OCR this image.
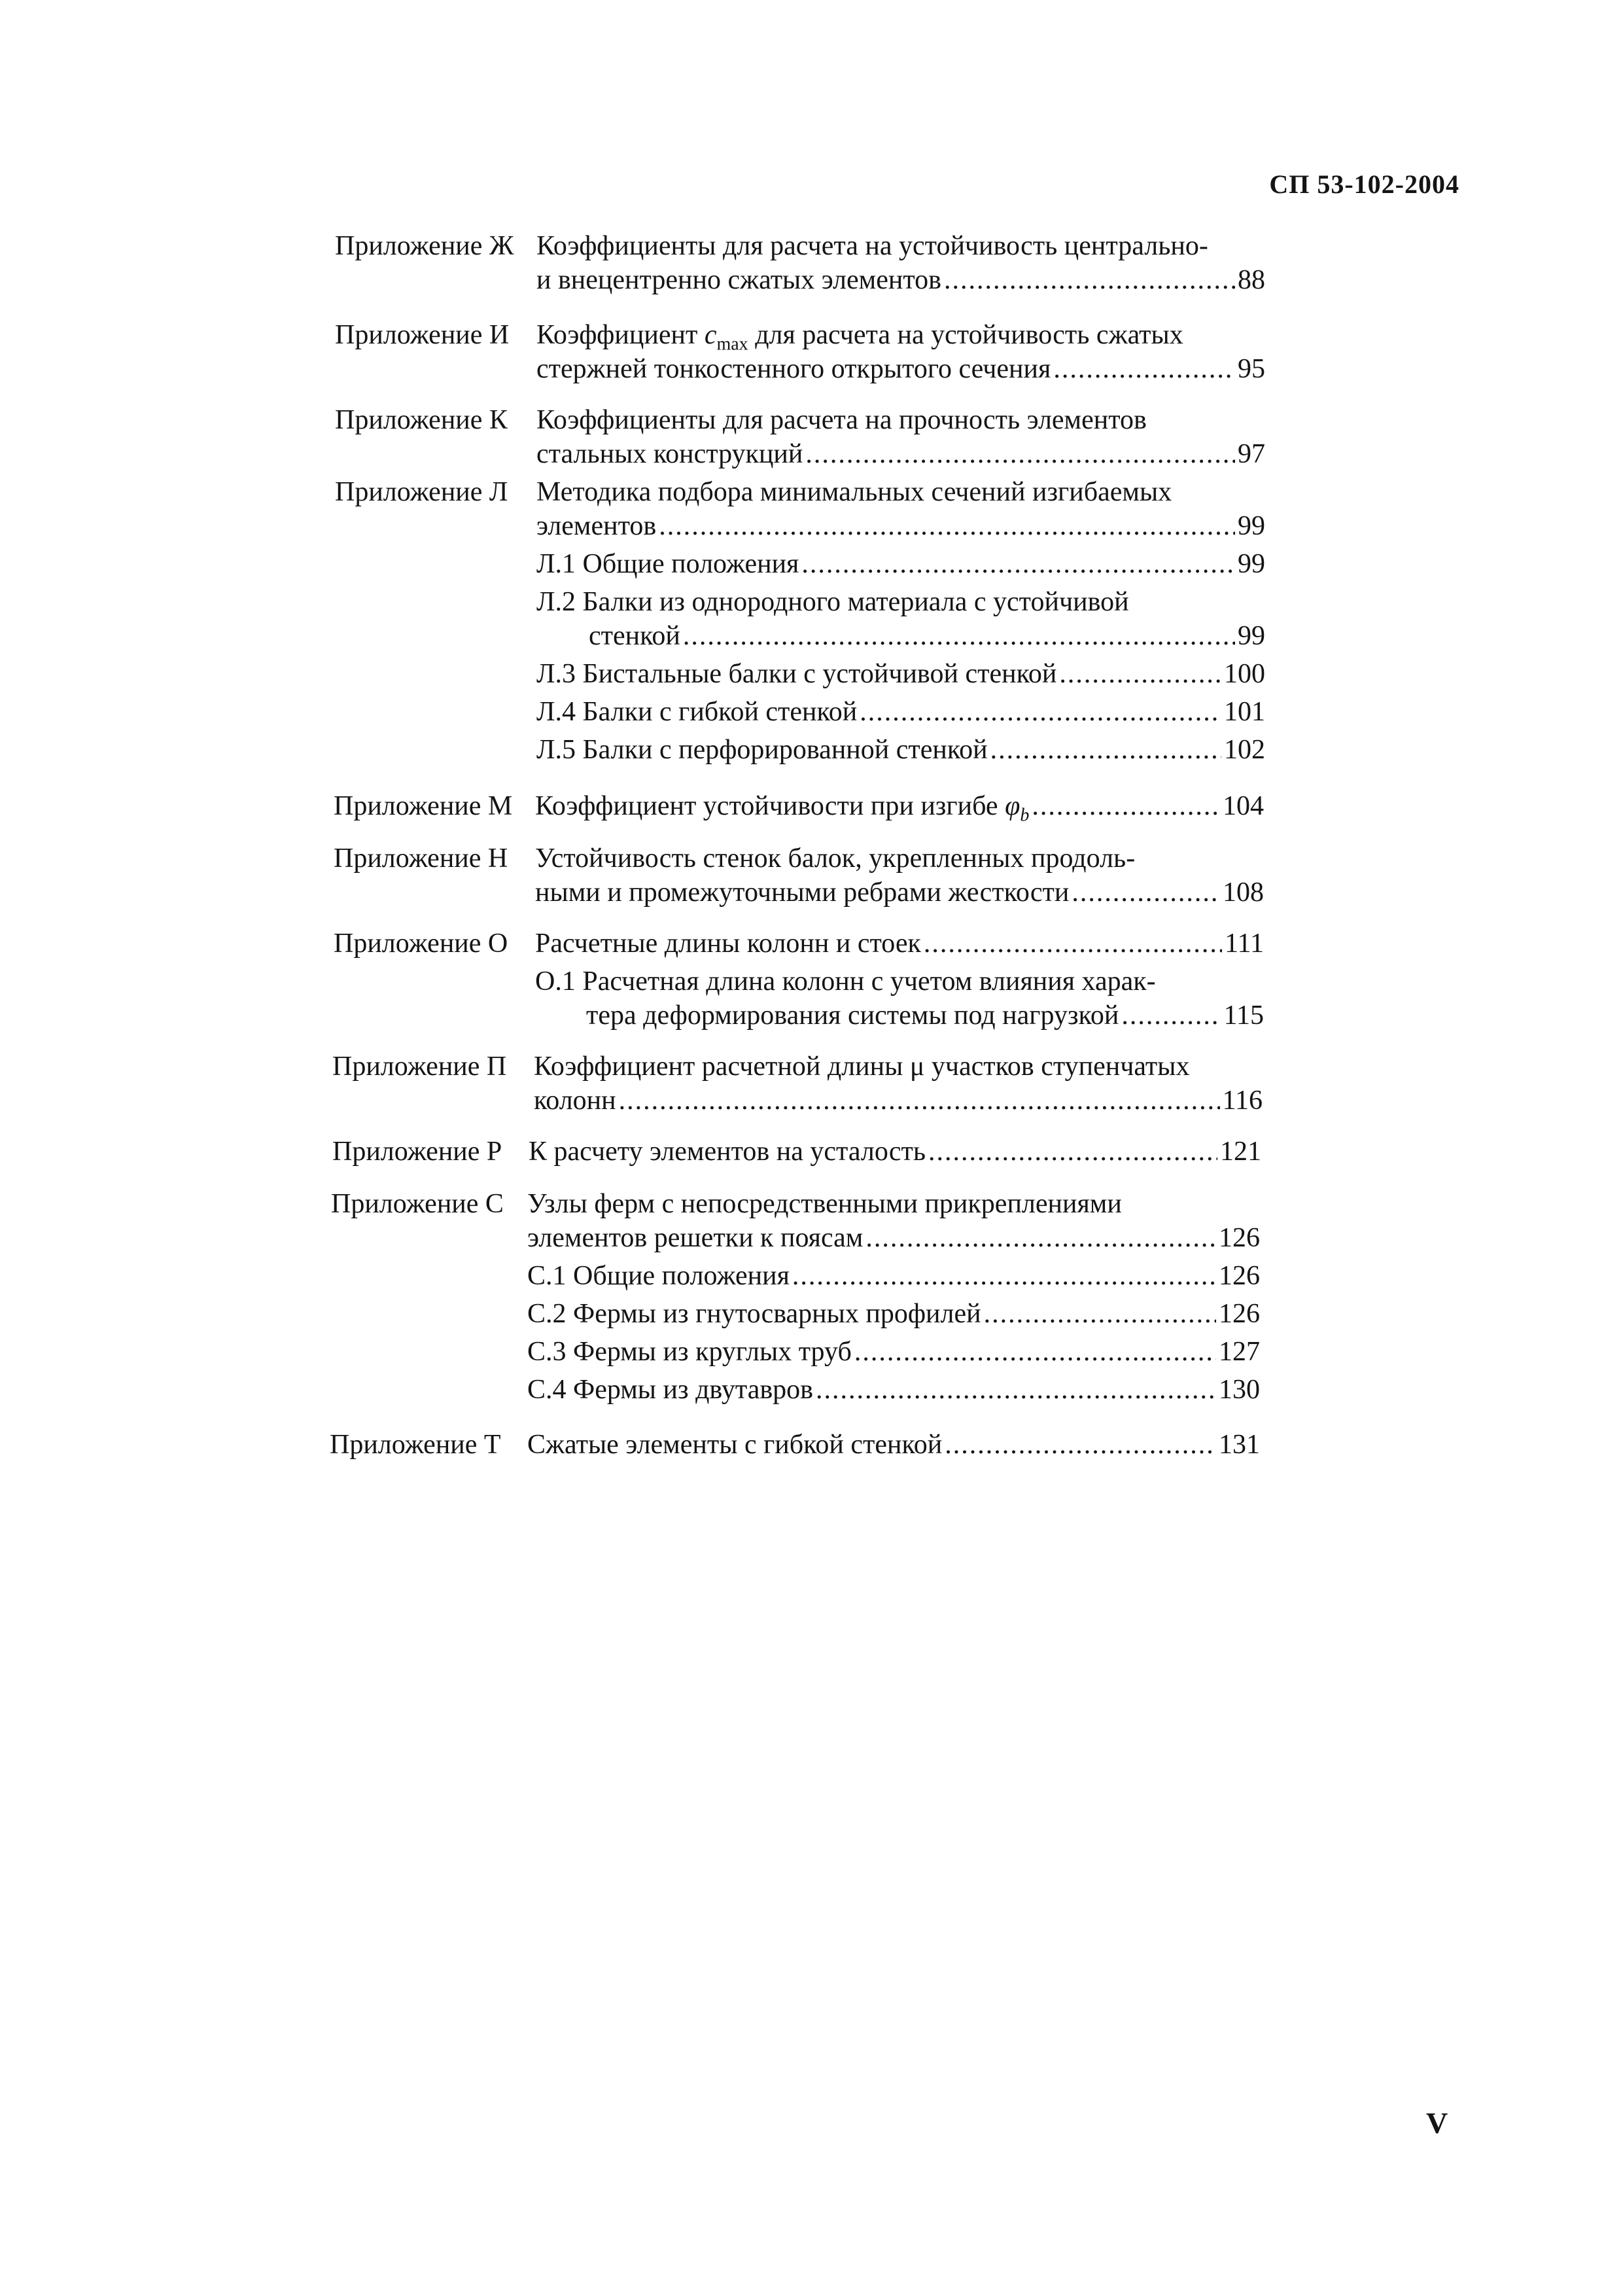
СП 53-102-2004
Приложение Ж Коэффициенты для расчета на устойчивость центрально-
и внецентренно сжатых элементов .....	88
Приложение И Коэффициент $c_{max}$ для расчета на устойчивость сжатых
стержней тонкостенного открытого сечения .....	95
Приложение К Коэффициенты для расчета на прочность элементов
стальных конструкций .....	97
Приложение Л Методика подбора минимальных сечений изгибаемых
элементов .....	99
Л.1 Общие положения .....	99
Л.2 Балки из однородного материала с устойчивой
стенкой .....	99
Л.3 Бистальные балки с устойчивой стенкой .....	100
Л.4 Балки с гибкой стенкой .....	101
Л.5 Балки с перфорированной стенкой .....	102
Приложение М Коэффициент устойчивости при изгибе $\varphi_b$ .....	104
Приложение Н Устойчивость стенок балок, укрепленных продоль-
ными и промежуточными ребрами жесткости .....	108
Приложение О Расчетные длины колонн и стоек .....	111
О.1 Расчетная длина колонн с учетом влияния харак-
тера деформирования системы под нагрузкой .....	115
Приложение П Коэффициент расчетной длины μ участков ступенчатых
колонн .....	116
Приложение Р К расчету элементов на усталость .....	121
Приложение С Узлы ферм с непосредственными прикреплениями
элементов решетки к поясам .....	126
С.1 Общие положения .....	126
С.2 Фермы из гнутосварных профилей .....	126
С.3 Фермы из круглых труб .....	127
С.4 Фермы из двутавров .....	130
Приложение Т Сжатые элементы с гибкой стенкой .....	131
V
